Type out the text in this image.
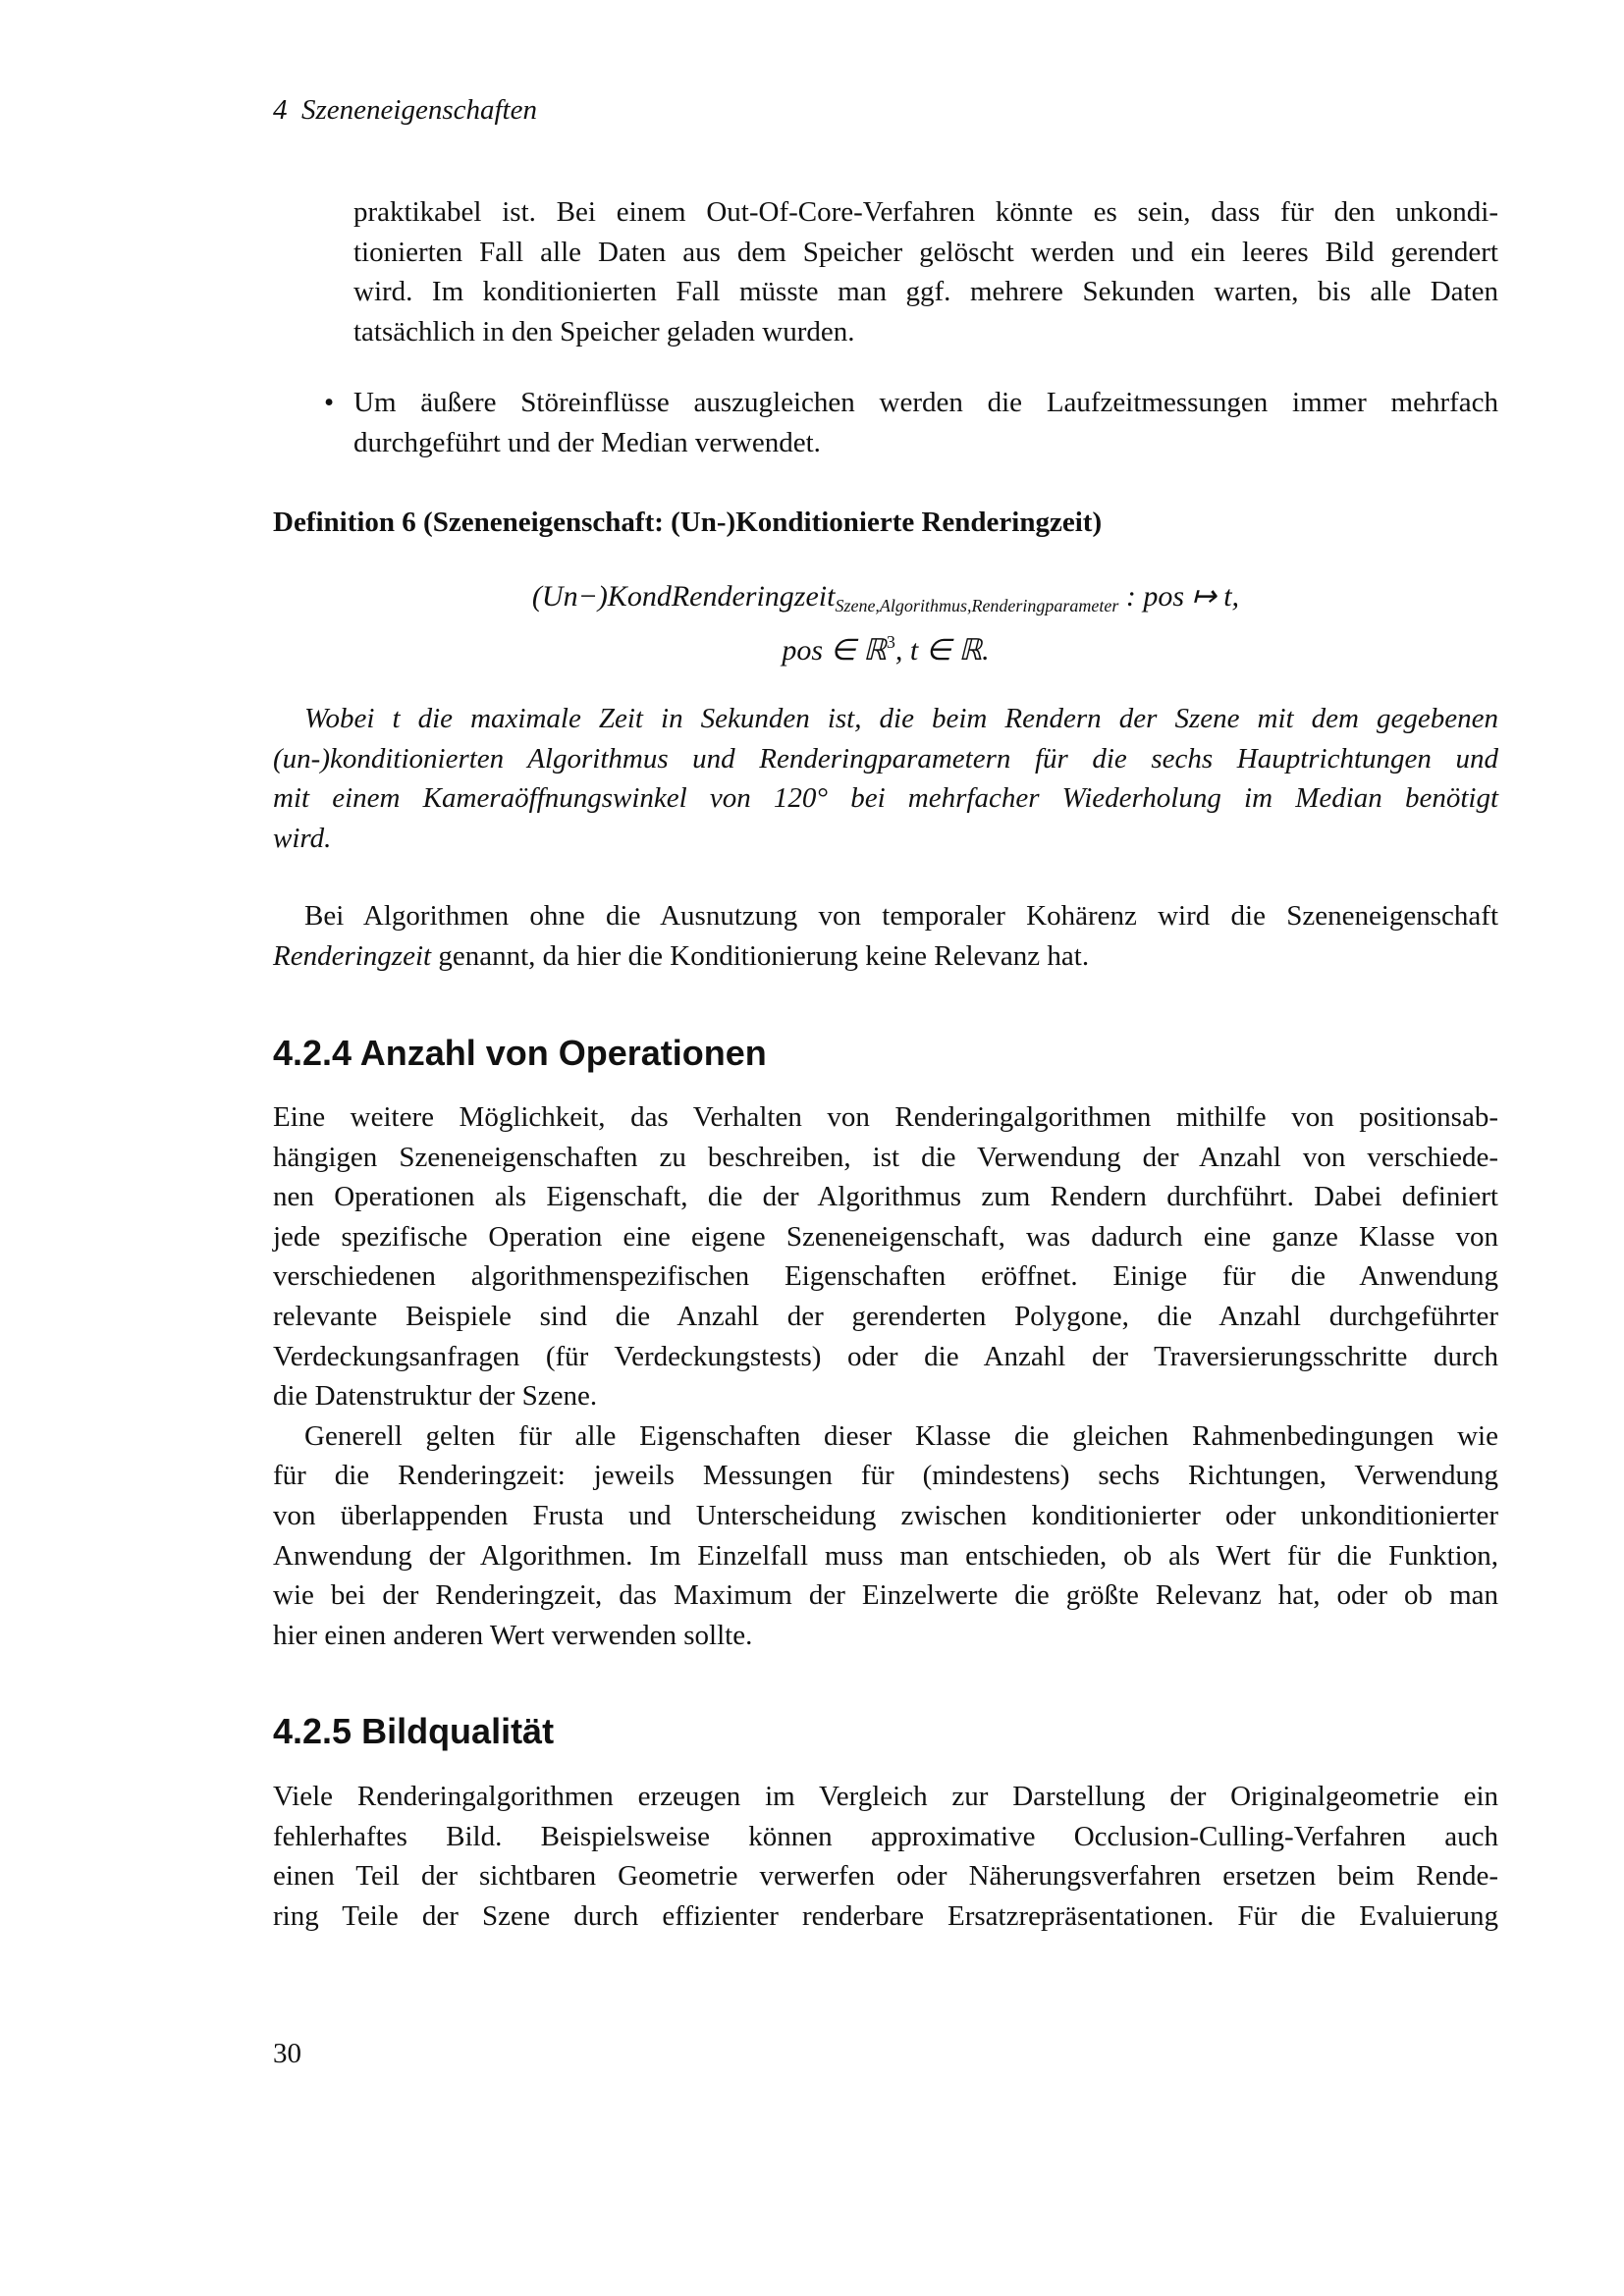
4 Szeneneigenschaften
praktikabel ist. Bei einem Out-Of-Core-Verfahren könnte es sein, dass für den unkondi-
tionierten Fall alle Daten aus dem Speicher gelöscht werden und ein leeres Bild gerendert
wird. Im konditionierten Fall müsste man ggf. mehrere Sekunden warten, bis alle Daten
tatsächlich in den Speicher geladen wurden.
• Um äußere Störeinflüsse auszugleichen werden die Laufzeitmessungen immer mehrfach
durchgeführt und der Median verwendet.
Definition 6 (Szeneneigenschaft: (Un-)Konditionierte Renderingzeit)
(Un−)KondRenderingzeit$_{Szene,Algorithmus,Renderingparameter}$ : pos ↦ t,
pos ∈ ℝ$^3$, t ∈ ℝ.
Wobei t die maximale Zeit in Sekunden ist, die beim Rendern der Szene mit dem gegebenen
(un-)konditionierten Algorithmus und Renderingparametern für die sechs Hauptrichtungen und
mit einem Kameraöffnungswinkel von 120° bei mehrfacher Wiederholung im Median benötigt
wird.
Bei Algorithmen ohne die Ausnutzung von temporaler Kohärenz wird die Szeneneigenschaft
Renderingzeit genannt, da hier die Konditionierung keine Relevanz hat.
4.2.4 Anzahl von Operationen
Eine weitere Möglichkeit, das Verhalten von Renderingalgorithmen mithilfe von positionsab-
hängigen Szeneneigenschaften zu beschreiben, ist die Verwendung der Anzahl von verschiede-
nen Operationen als Eigenschaft, die der Algorithmus zum Rendern durchführt. Dabei definiert
jede spezifische Operation eine eigene Szeneneigenschaft, was dadurch eine ganze Klasse von
verschiedenen algorithmenspezifischen Eigenschaften eröffnet. Einige für die Anwendung
relevante Beispiele sind die Anzahl der gerenderten Polygone, die Anzahl durchgeführter
Verdeckungsanfragen (für Verdeckungstests) oder die Anzahl der Traversierungsschritte durch
die Datenstruktur der Szene.
Generell gelten für alle Eigenschaften dieser Klasse die gleichen Rahmenbedingungen wie
für die Renderingzeit: jeweils Messungen für (mindestens) sechs Richtungen, Verwendung
von überlappenden Frusta und Unterscheidung zwischen konditionierter oder unkonditionierter
Anwendung der Algorithmen. Im Einzelfall muss man entschieden, ob als Wert für die Funktion,
wie bei der Renderingzeit, das Maximum der Einzelwerte die größte Relevanz hat, oder ob man
hier einen anderen Wert verwenden sollte.
4.2.5 Bildqualität
Viele Renderingalgorithmen erzeugen im Vergleich zur Darstellung der Originalgeometrie ein
fehlerhaftes Bild. Beispielsweise können approximative Occlusion-Culling-Verfahren auch
einen Teil der sichtbaren Geometrie verwerfen oder Näherungsverfahren ersetzen beim Rende-
ring Teile der Szene durch effizienter renderbare Ersatzrepräsentationen. Für die Evaluierung
30
